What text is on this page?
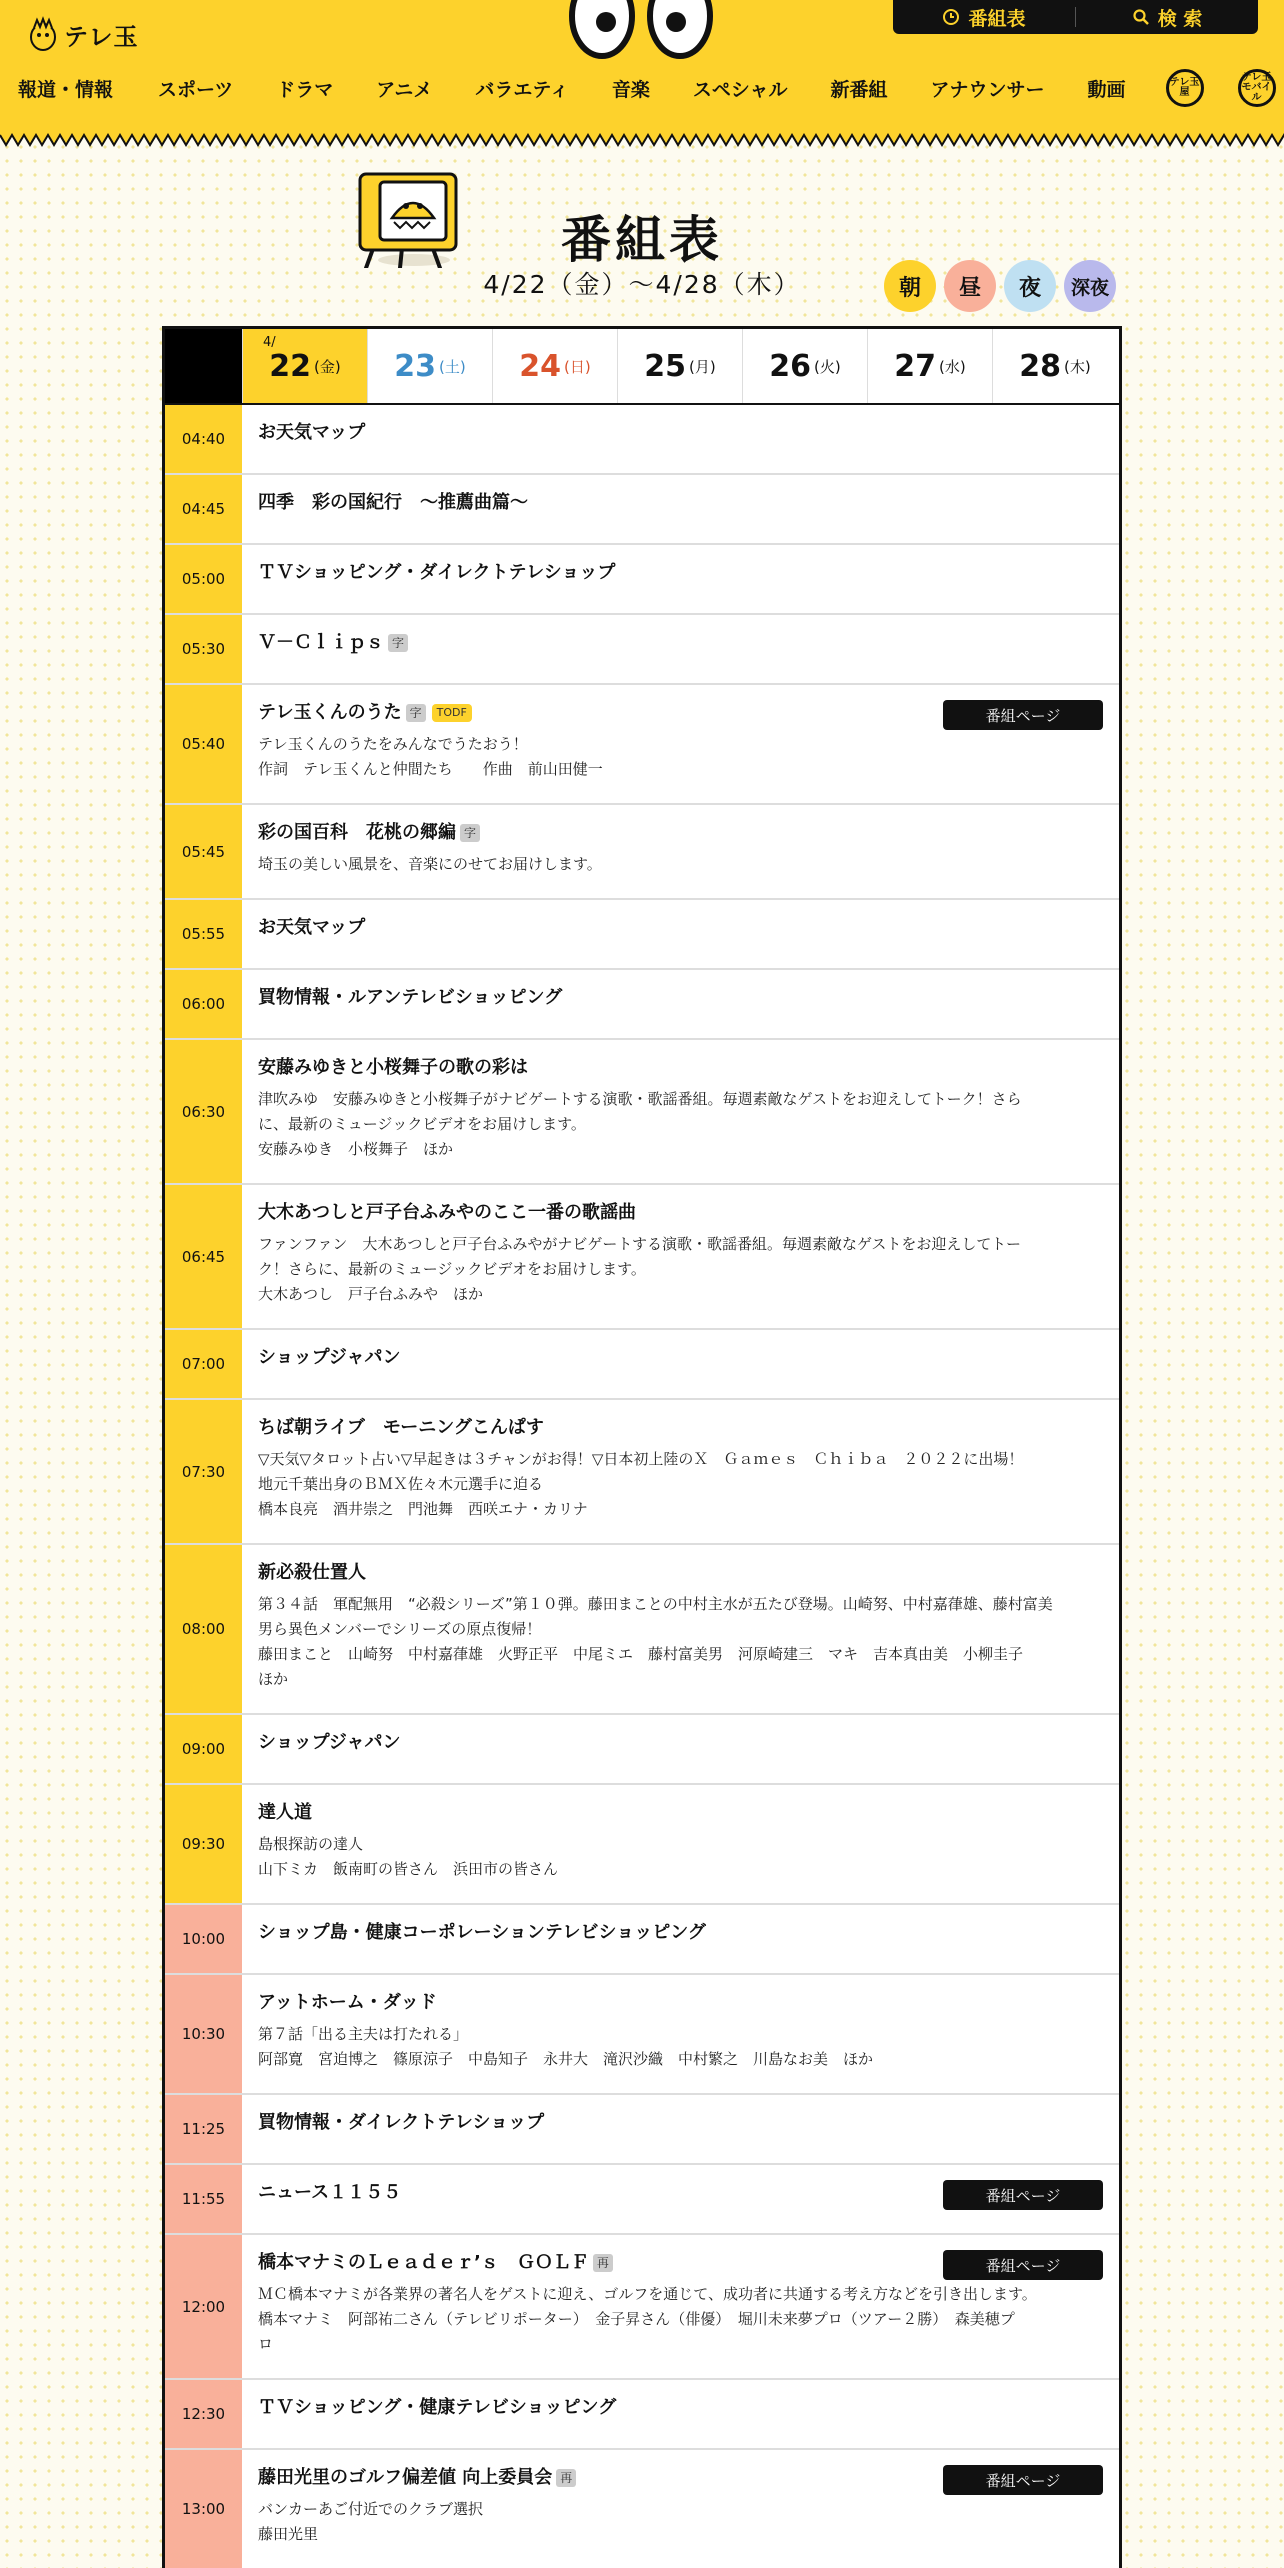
テレ玉
番組表	検 索
報道・情報 スポーツ ドラマ アニメ バラエティ 音楽 スペシャル 新番組 アナウンサー 動画	テレ玉屋
テレ玉モバイル
番組表
4/22（金）〜4/28（木）	朝	昼	夜	深夜
4/
22 (金) 23 (土) 24 (日) 25 (月) 26 (火) 27 (水) 28 (木)
04:40	お天気マップ
04:45	四季　彩の国紀行　～推薦曲篇～
05:00	ＴＶショッピング・ダイレクトテレショップ
05:30	Ｖ－Ｃｌｉｐｓ 字
05:40
テレ玉くんのうた 字	TODF
テレ玉くんのうたをみんなでうたおう！
作詞　テレ玉くんと仲間たち　　作曲　前山田健一
番組ページ
05:45
彩の国百科　花桃の郷編 字
埼玉の美しい風景を、音楽にのせてお届けします。
05:55	お天気マップ
06:00	買物情報・ルアンテレビショッピング
06:30
安藤みゆきと小桜舞子の歌の彩は
津吹みゆ　安藤みゆきと小桜舞子がナビゲートする演歌・歌謡番組。毎週素敵なゲストをお迎えしてトーク！さら
に、最新のミュージックビデオをお届けします。
安藤みゆき　小桜舞子　ほか
06:45
大木あつしと戸子台ふみやのここ一番の歌謡曲
ファンファン　大木あつしと戸子台ふみやがナビゲートする演歌・歌謡番組。毎週素敵なゲストをお迎えしてトー
ク！さらに、最新のミュージックビデオをお届けします。
大木あつし　戸子台ふみや　ほか
07:00	ショップジャパン
07:30
ちば朝ライブ　モーニングこんぱす
▽天気▽タロット占い▽早起きは３チャンがお得！▽日本初上陸のＸ　Ｇａｍｅｓ　Ｃｈｉｂａ　２０２２に出場！
地元千葉出身のＢＭＸ佐々木元選手に迫る
橋本良亮　酒井崇之　門池舞　西咲エナ・カリナ
08:00
新必殺仕置人
第３４話　軍配無用　“必殺シリーズ”第１０弾。藤田まことの中村主水が五たび登場。山崎努、中村嘉葎雄、藤村富美
男ら異色メンバーでシリーズの原点復帰！
藤田まこと　山崎努　中村嘉葎雄　火野正平　中尾ミエ　藤村富美男　河原崎建三　マキ　吉本真由美　小柳圭子
ほか
09:00	ショップジャパン
09:30
達人道
島根探訪の達人
山下ミカ　飯南町の皆さん　浜田市の皆さん
10:00	ショップ島・健康コーポレーションテレビショッピング
10:30
アットホーム・ダッド
第７話「出る主夫は打たれる」
阿部寛　宮迫博之　篠原涼子　中島知子　永井大　滝沢沙織　中村繁之　川島なお美　ほか
11:25	買物情報・ダイレクトテレショップ
11:55	ニュース１１５５	番組ページ
12:00
橋本マナミのＬｅａｄｅｒ’ｓ　ＧＯＬＦ 再
ＭＣ橋本マナミが各業界の著名人をゲストに迎え、ゴルフを通じて、成功者に共通する考え方などを引き出します。
橋本マナミ　阿部祐二さん（テレビリポーター）　金子昇さん（俳優）　堀川未来夢プロ（ツアー２勝）　森美穂プ
ロ
番組ページ
12:30	ＴＶショッピング・健康テレビショッピング
13:00
藤田光里のゴルフ偏差値 向上委員会 再
バンカーあご付近でのクラブ選択
藤田光里
番組ページ
